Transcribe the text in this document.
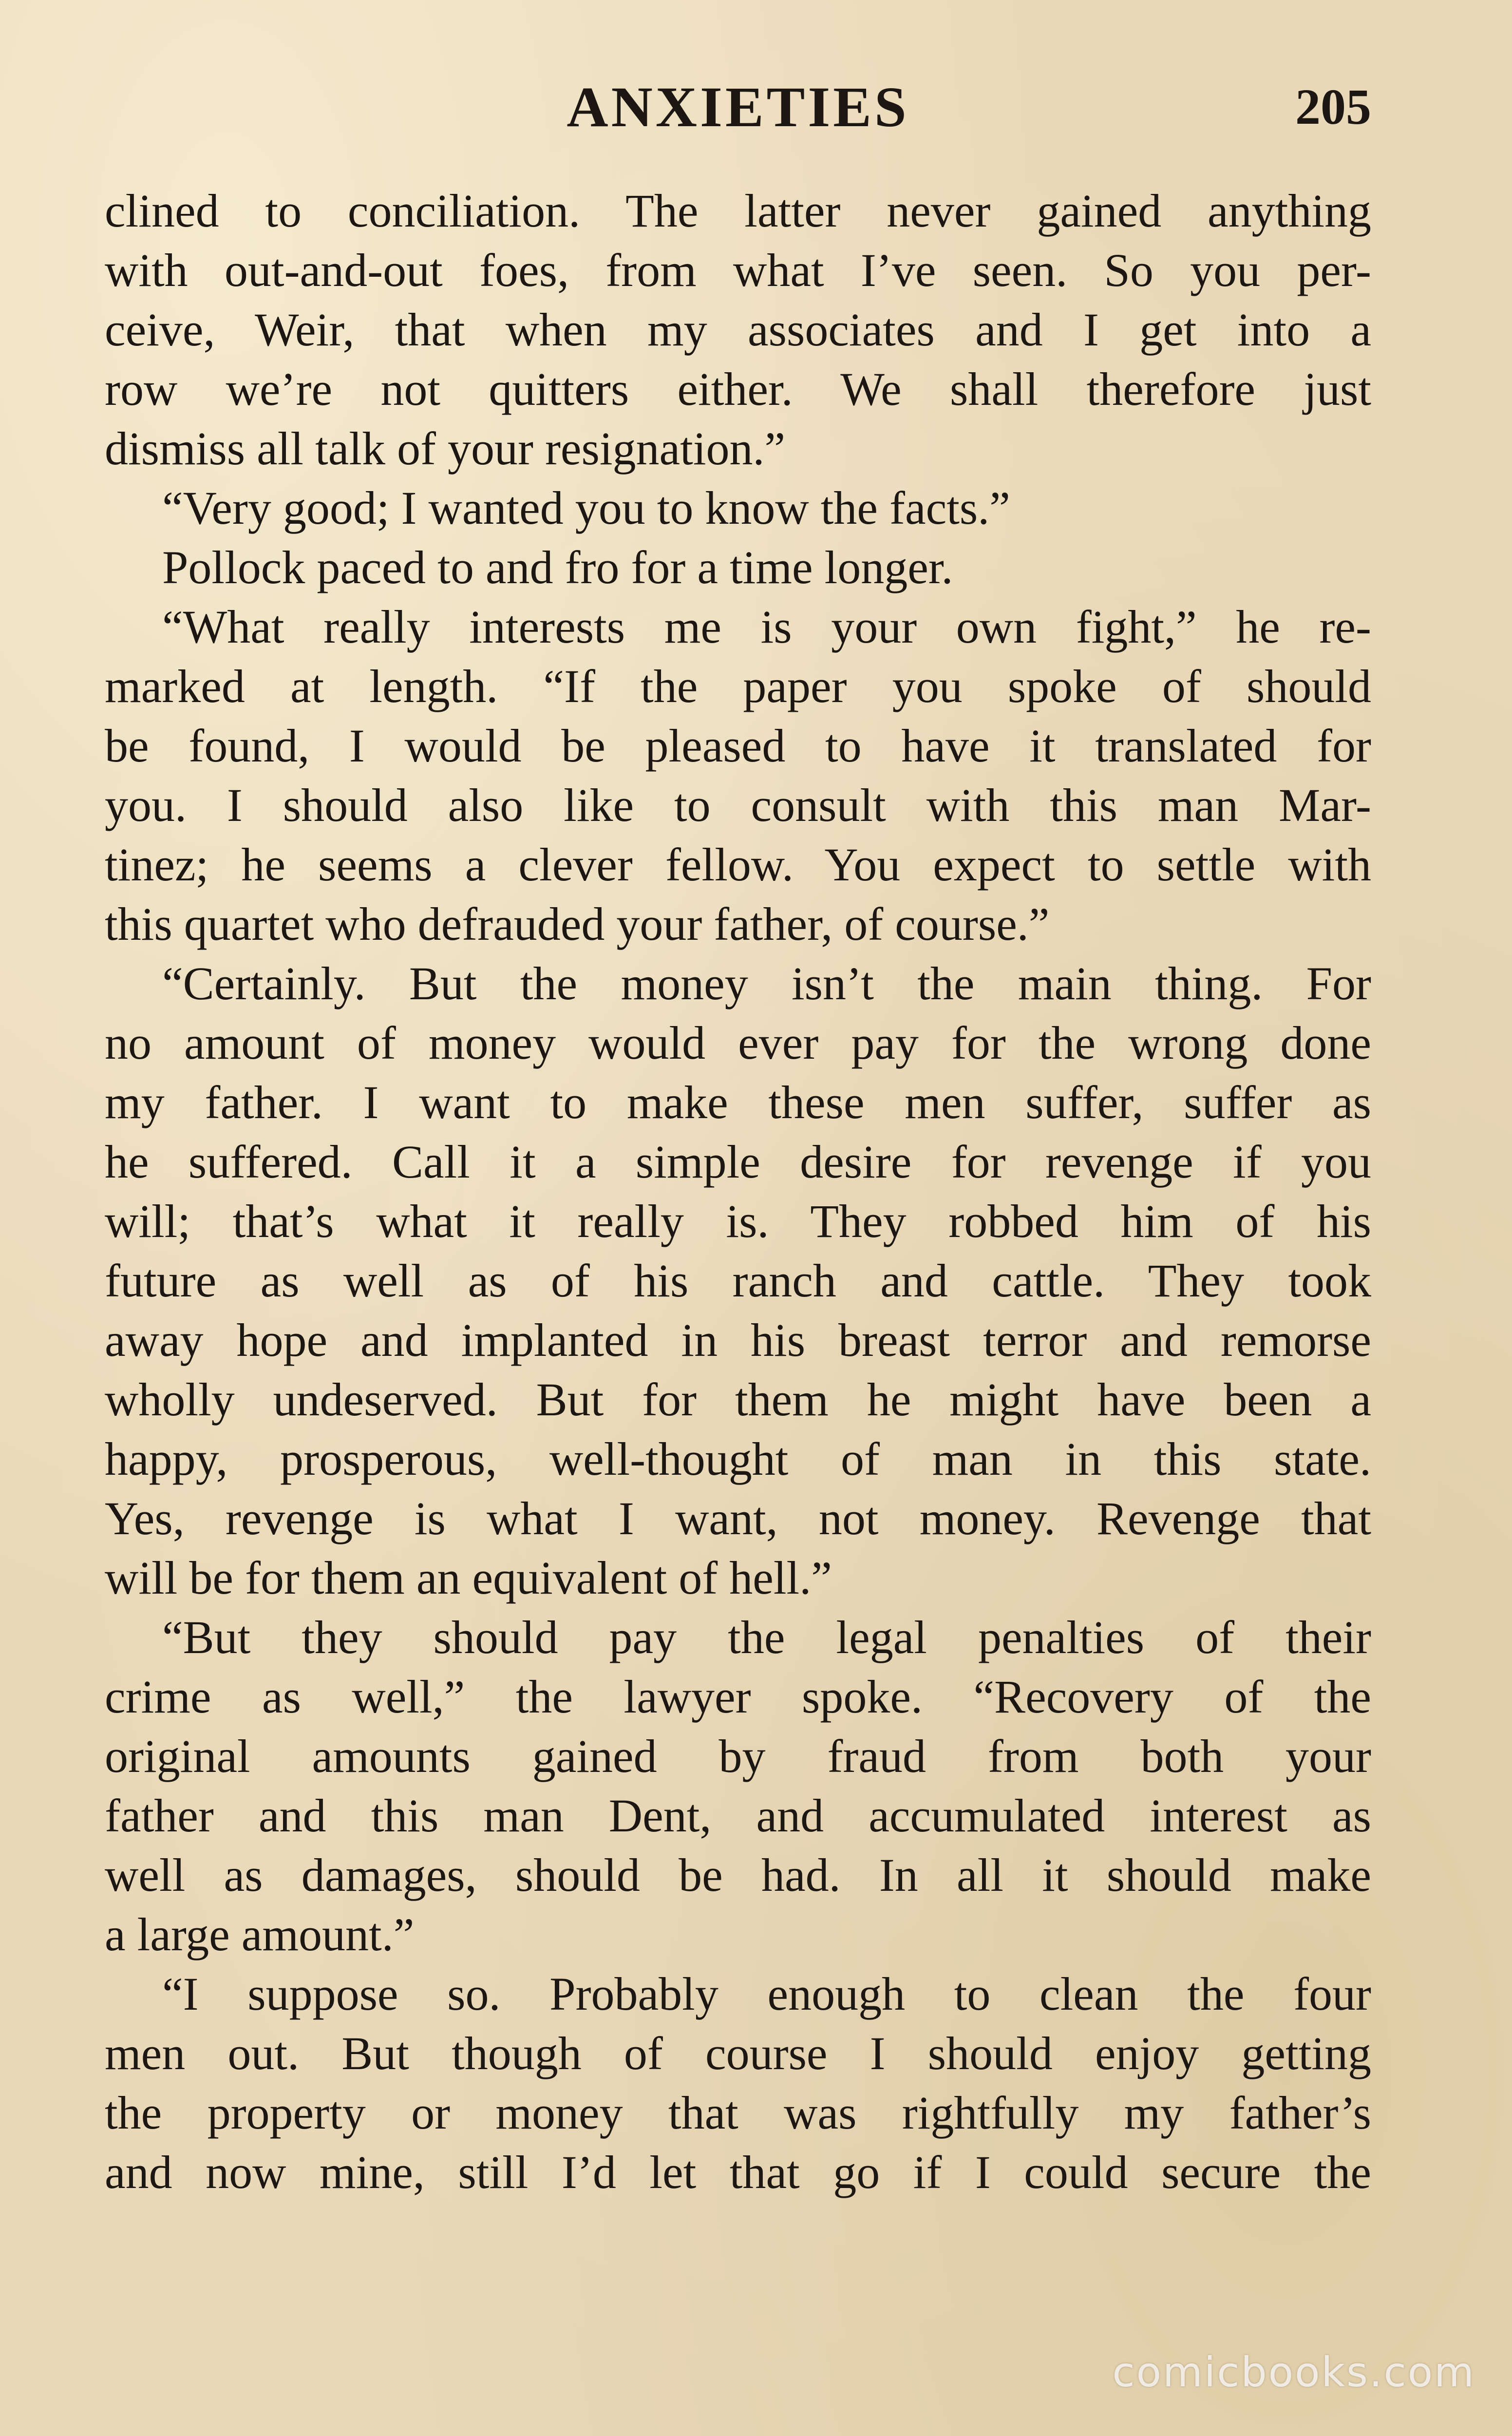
ANXIETIES	205
clined to conciliation. The latter never gained anything
with out-and-out foes, from what I’ve seen. So you per-
ceive, Weir, that when my associates and I get into a
row we’re not quitters either. We shall therefore just
dismiss all talk of your resignation.”
“Very good; I wanted you to know the facts.”
Pollock paced to and fro for a time longer.
“What really interests me is your own fight,” he re-
marked at length. “If the paper you spoke of should
be found, I would be pleased to have it translated for
you. I should also like to consult with this man Mar-
tinez; he seems a clever fellow. You expect to settle with
this quartet who defrauded your father, of course.”
“Certainly. But the money isn’t the main thing. For
no amount of money would ever pay for the wrong done
my father. I want to make these men suffer, suffer as
he suffered. Call it a simple desire for revenge if you
will; that’s what it really is. They robbed him of his
future as well as of his ranch and cattle. They took
away hope and implanted in his breast terror and remorse
wholly undeserved. But for them he might have been a
happy, prosperous, well-thought of man in this state.
Yes, revenge is what I want, not money. Revenge that
will be for them an equivalent of hell.”
“But they should pay the legal penalties of their
crime as well,” the lawyer spoke. “Recovery of the
original amounts gained by fraud from both your
father and this man Dent, and accumulated interest as
well as damages, should be had. In all it should make
a large amount.”
“I suppose so. Probably enough to clean the four
men out. But though of course I should enjoy getting
the property or money that was rightfully my father’s
and now mine, still I’d let that go if I could secure the
comicbooks.com
